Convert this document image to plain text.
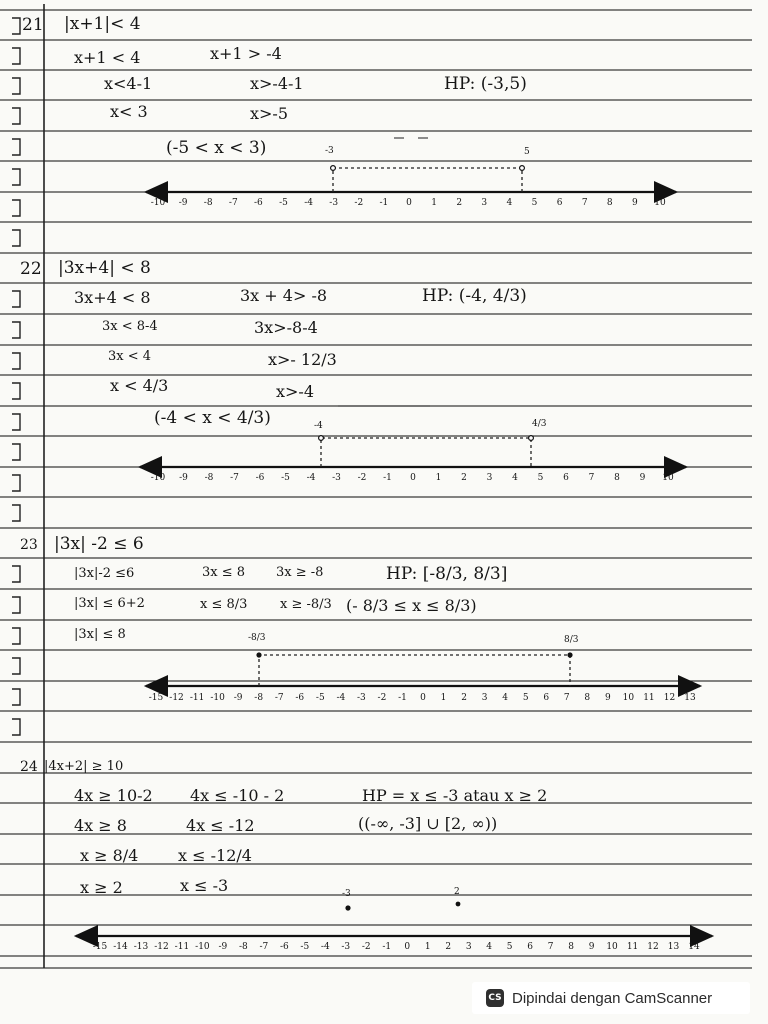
21
22
23
24
|x+1|< 4
x+1 < 4
x<4-1
x< 3
x+1 > -4
x>-4-1
x>-5
HP: (-3,5)
(-5 < x < 3)	-3	5
-10 -9 -8 -7 -6 -5 -4 -3 -2 -1 0 1 2 3 4 5 6 7 8 9 10
|3x+4| < 8
3x+4 < 8
3x < 8-4
3x < 4
x < 4/3
3x + 4> -8
3x>-8-4
x>- 12/3
x>-4
HP: (-4, 4/3)
(-4 < x < 4/3)	-4	4/3
-10 -9 -8 -7 -6 -5 -4 -3 -2 -1 0 1 2 3 4 5 6 7 8 9 10
|3x| -2 ≤ 6
|3x|-2 ≤6
|3x| ≤ 6+2
|3x| ≤ 8
3x ≤ 8
x ≤ 8/3
3x ≥ -8
x ≥ -8/3
HP: [-8/3, 8/3]
(- 8/3 ≤ x ≤ 8/3)
-8/3	8/3
-15 -12 -11 -10 -9 -8 -7 -6 -5 -4 -3 -2 -1 0 1 2 3 4 5 6 7 8 9 10 11 12 13
|4x+2| ≥ 10
4x ≥ 10-2
4x ≥ 8
x ≥ 8/4
x ≥ 2
4x ≤ -10 - 2
4x ≤ -12
x ≤ -12/4
x ≤ -3
HP = x ≤ -3 atau x ≥ 2
((-∞, -3] ∪ [2, ∞))
-3	2
-15 -14 -13 -12 -11 -10 -9 -8 -7 -6 -5 -4 -3 -2 -1 0 1 2 3 4 5 6 7 8 9 10 11 12 13 14
CS Dipindai dengan CamScanner
